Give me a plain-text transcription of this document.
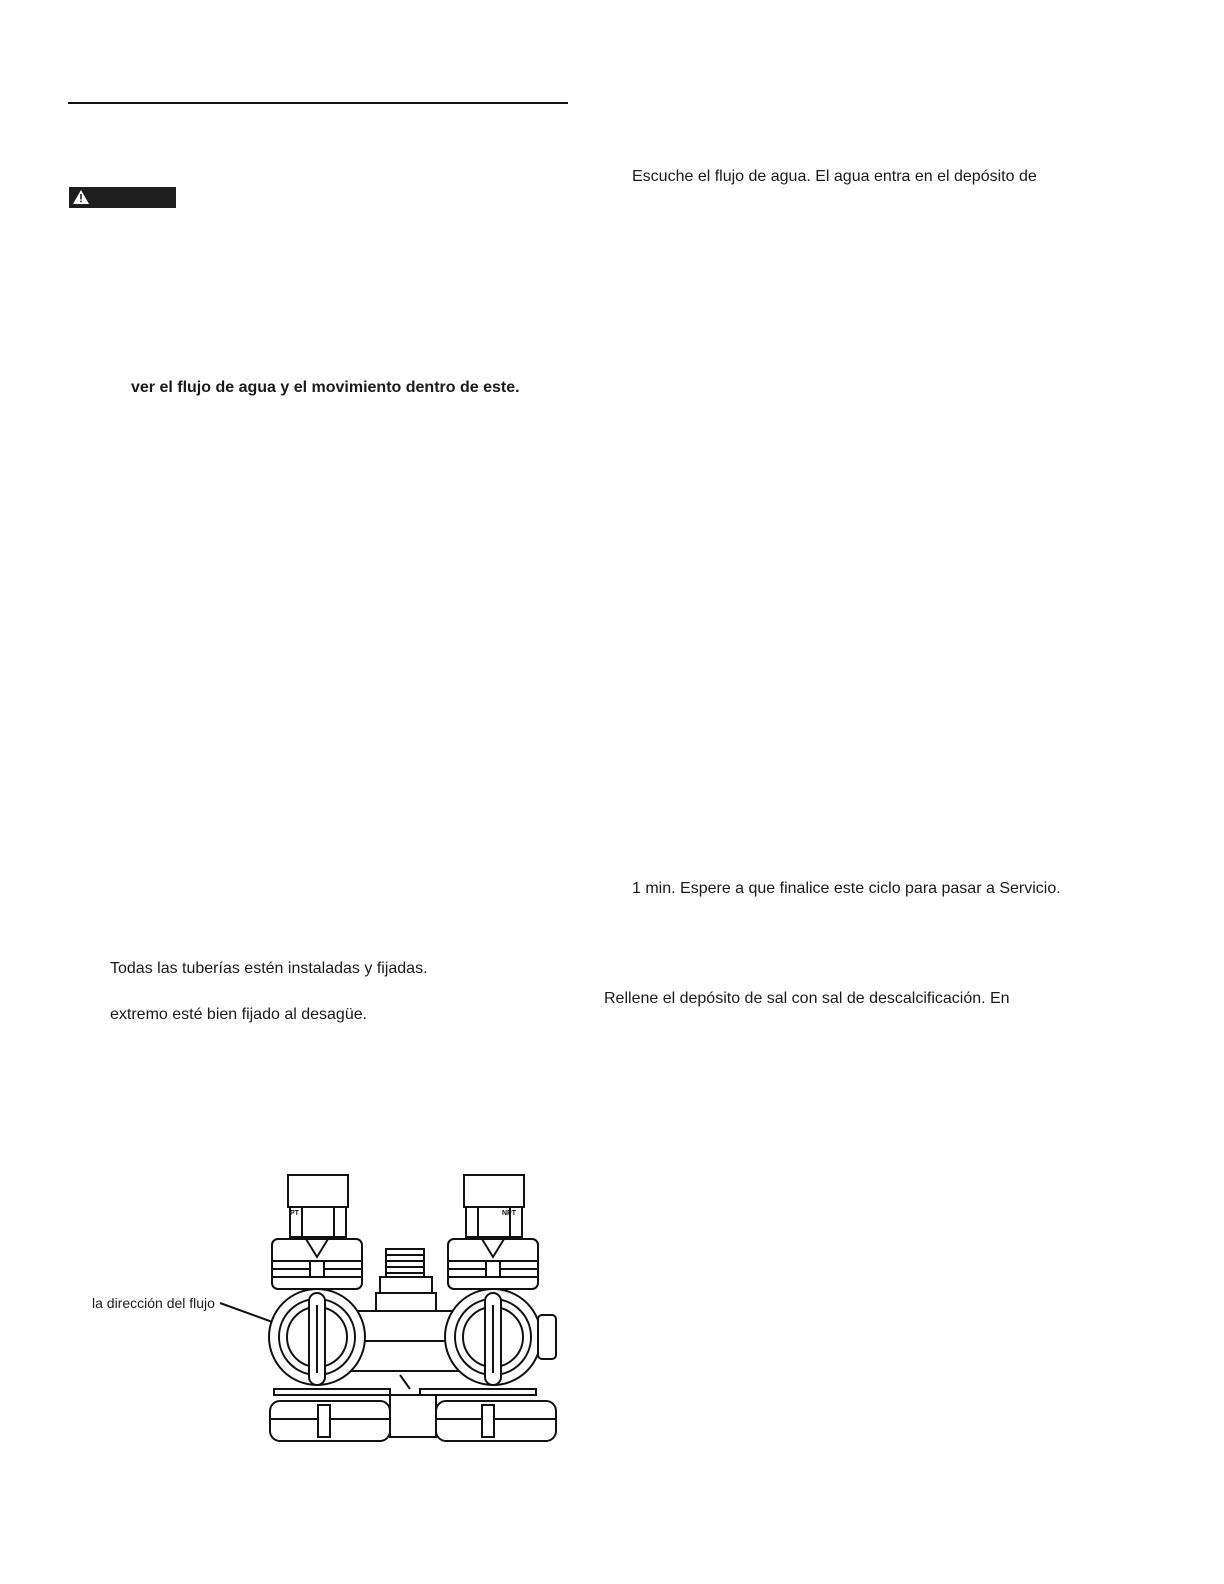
ver el flujo de agua y el movimiento dentro de este.
Todas las tuberías estén instaladas y fijadas.
extremo esté bien fijado al desagüe.
Escuche el flujo de agua. El agua entra en el depósito de
1 min. Espere a que finalice este ciclo para pasar a Servicio.
Rellene el depósito de sal con sal de descalcificación. En
la dirección del flujo
PT	NPT
